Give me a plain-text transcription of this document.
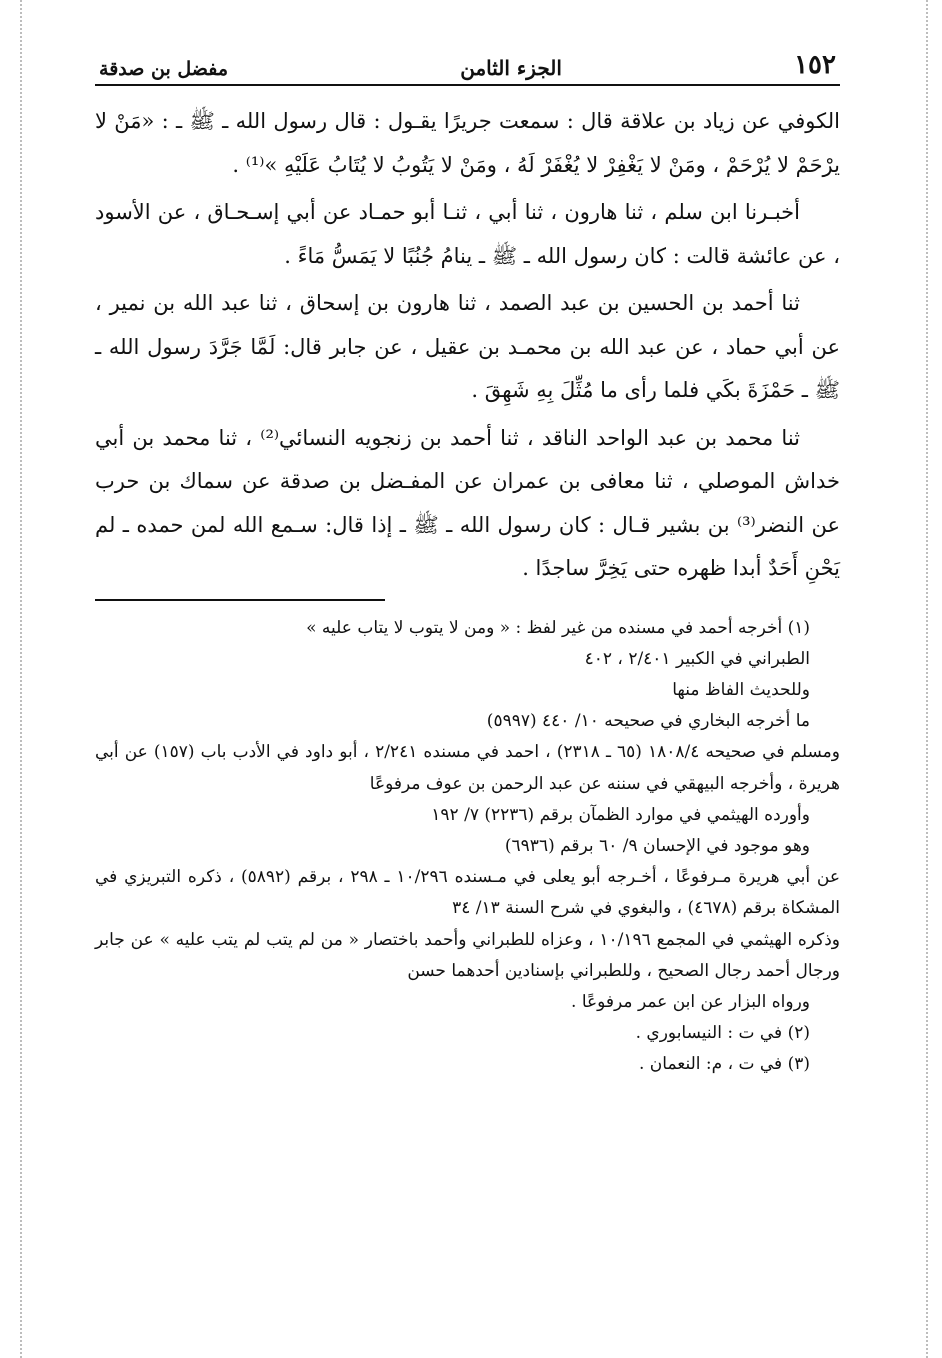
١٥٢
الجزء الثامن
مفضل بن صدقة

الكوفي عن زياد بن علاقة قال : سمعت جريرًا يقـول : قال رسول الله ـ ﷺ ـ : «مَنْ لا يرْحَمْ لا يُرْحَمْ ، ومَنْ لا يَغْفِرْ لا يُغْفَرْ لَهُ ، ومَنْ لا يَتُوبُ لا يُتَابُ عَلَيْهِ »⁽¹⁾ .

أخبـرنا ابن سلم ، ثنا هارون ، ثنا أبي ، ثنـا أبو حمـاد عن أبي إسـحـاق ، عن الأسود ، عن عائشة قالت : كان رسول الله ـ ﷺ ـ ينامُ جُنُبًا لا يَمَسُّ مَاءً .

ثنا أحمد بن الحسين بن عبد الصمد ، ثنا هارون بن إسحاق ، ثنا عبد الله بن نمير ، عن أبي حماد ، عن عبد الله بن محمـد بن عقيل ، عن جابر قال: لَمَّا جَرَّدَ رسول الله ـ ﷺ ـ حَمْزَةَ بكَي فلما رأى ما مُثِّلَ بِهِ شَهِقَ .

ثنا محمد بن عبد الواحد الناقد ، ثنا أحمد بن زنجويه النسائي⁽²⁾ ، ثنا محمد بن أبي خداش الموصلي ، ثنا معافى بن عمران عن المفـضل بن صدقة عن سماك بن حرب عن النضر⁽³⁾ بن بشير قـال : كان رسول الله ـ ﷺ ـ إذا قال: سـمع الله لمن حمده ـ لم يَحْنِ أَحَدٌ أبدا ظهره حتى يَخِرَّ ساجدًا .

(١) أخرجه أحمد في مسنده من غير لفظ : « ومن لا يتوب لا يتاب عليه »

الطبراني في الكبير ٢/٤٠١ ، ٤٠٢

وللحديث الفاظ منها

ما أخرجه البخاري في صحيحه ١٠/ ٤٤٠ (٥٩٩٧)

ومسلم في صحيحه ١٨٠٨/٤ (٦٥ ـ ٢٣١٨) ، احمد في مسنده ٢/٢٤١ ، أبو داود في الأدب باب (١٥٧) عن أبي هريرة ، وأخرجه البيهقي في سننه عن عبد الرحمن بن عوف مرفوعًا

وأورده الهيثمي في موارد الظمآن برقم (٢٢٣٦) ٧/ ١٩٢

وهو موجود في الإحسان ٩/ ٦٠ برقم (٦٩٣٦)

عن أبي هريرة مـرفوعًا ، أخـرجه أبو يعلى في مـسنده ١٠/٢٩٦ ـ ٢٩٨ ، برقم (٥٨٩٢) ، ذكره التبريزي في المشكاة برقم (٤٦٧٨) ، والبغوي في شرح السنة ١٣/ ٣٤

وذكره الهيثمي في المجمع ١٠/١٩٦ ، وعزاه للطبراني وأحمد باختصار « من لم يتب لم يتب عليه » عن جابر ورجال أحمد رجال الصحيح ، وللطبراني بإسنادين أحدهما حسن

ورواه البزار عن ابن عمر مرفوعًا .

(٢) في ت : النيسابوري .

(٣) في ت ، م: النعمان .
